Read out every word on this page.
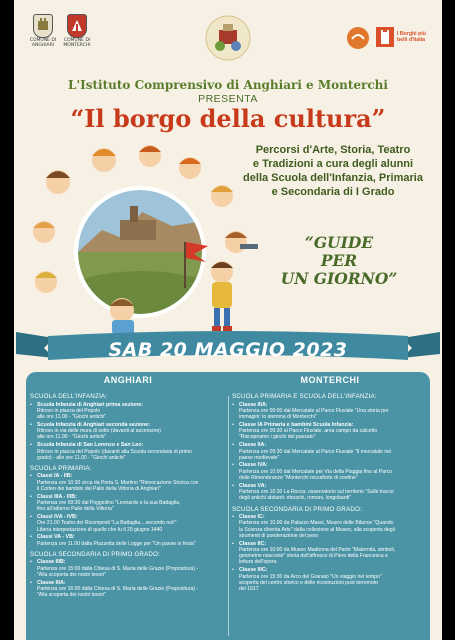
COMUNE DI ANGHIARI
COMUNE DI MONTERCHI
I Borghi più belli d'Italia
L'Istituto Comprensivo di Anghiari e Monterchi
PRESENTA
“Il borgo della cultura”
Percorsi d'Arte, Storia, Teatro
e Tradizioni a cura degli alunni
della Scuola dell'Infanzia, Primaria
e Secondaria di I Grado
“GUIDE
PER
UN GIORNO”
SAB 20 MAGGIO 2023
ANGHIARI
SCUOLA DELL'INFANZIA:
• Scuola Infanzia di Anghiari prima sezione:
Ritrovo in piazza del Popolo
alle ore 11.00 - "Giochi antichi"
• Scuola Infanzia di Anghiari seconda sezione:
Ritrovo in via delle mura di sotto (davanti al ascensore)
alle ore 11.00 - "Giochi antichi"
• Scuola Infanzia di San Lorenzo e San Leo:
Ritrovo in piazza del Popolo (davanti alla Scuola secondaria di primo
grado) - alle ore 11.00 - "Giochi antichi"
SCUOLA PRIMARIA:
• Classi IA - IIB:
Partenza ore 10:30 circa da Porta S. Martino "Rievocazione Storica con
il Corteo dei bambini del Palio della Vittoria di Anghiari"
• Classi IIIA - IIIB:
Partenza ore 09:30 dal Poggiolino "Leonardo e la sua Battaglia,
fino all'odierno Palio della Vittoria"
• Classi IVA - IVB:
Ore 21.00 Teatro dei Ricomposti "La Battaglia....secondo noi!"
Libera interpretazione di quello che fu il 29 giugno 1440
• Classi VA - VB:
Partenza ore 11.00 dalla Piazzetta delle Logge per "Un paese in festa"
SCUOLA SECONDARIA DI PRIMO GRADO:
• Classe IIIB:
Partenza ore 15:00 dalla Chiesa di S. Maria delle Grazie (Propositura) -
"Alla scoperta dei nostri tesori"
• Classe IIIA:
Partenza ore 16:00 dalla Chiesa di S. Maria delle Grazie (Propositura) -
"Alla scoperta dei nostri tesori"
MONTERCHI
SCUOLA PRIMARIA E SCUOLA DELL'INFANZIA:
• Classe IIIA:
Partenza ore 09:00 dal Mercatale al Parco Fluviale "Una storia per
immagini: lo stemma di Monterchi"
• Classe IA Primaria e bambini Scuola Infanzia:
Partenza ore 09:30 al Parco Fluviale, area campo da calcetto
"Riscopriamo i giochi del passato"
• Classe IIA:
Partenza ore 09:30 dal Mercatale al Parco Fluviale "Il mercatale nel
paese medievale"
• Classe IVA:
Partenza ore 10:00 dal Mercatale per Via della Piaggia fino al Parco
delle Rimembranze "Monterchi roccaforte di confine"
• Classe VA:
Partenza ore 10:30 La Rocca: osservatorio sul territorio "Sulle tracce
degli antichi abitanti: etruschi, romani, longobardi"
SCUOLA SECONDARIA DI PRIMO GRADO:
• Classe IC:
Partenza ore 10.00 da Palazzo Massi, Museo delle Bilance "Quando
la Scienza diventa Arte" dalla collezione al Museo, alla scoperta degli
strumenti di ponderazione del peso
• Classe IIC:
Partenza ore 10:00 da Museo Madonna del Parto "Maternità, simboli,
geometrie nascoste" storia dell'affresco di Piero della Francesca e
lettura dell'opera
• Classe IIIC:
Partenza ore 15:30 da Arco del Granaio "Un viaggio nel tempo"
scoperta del centro storico e delle ricostruzioni post terremoto
del 1917
